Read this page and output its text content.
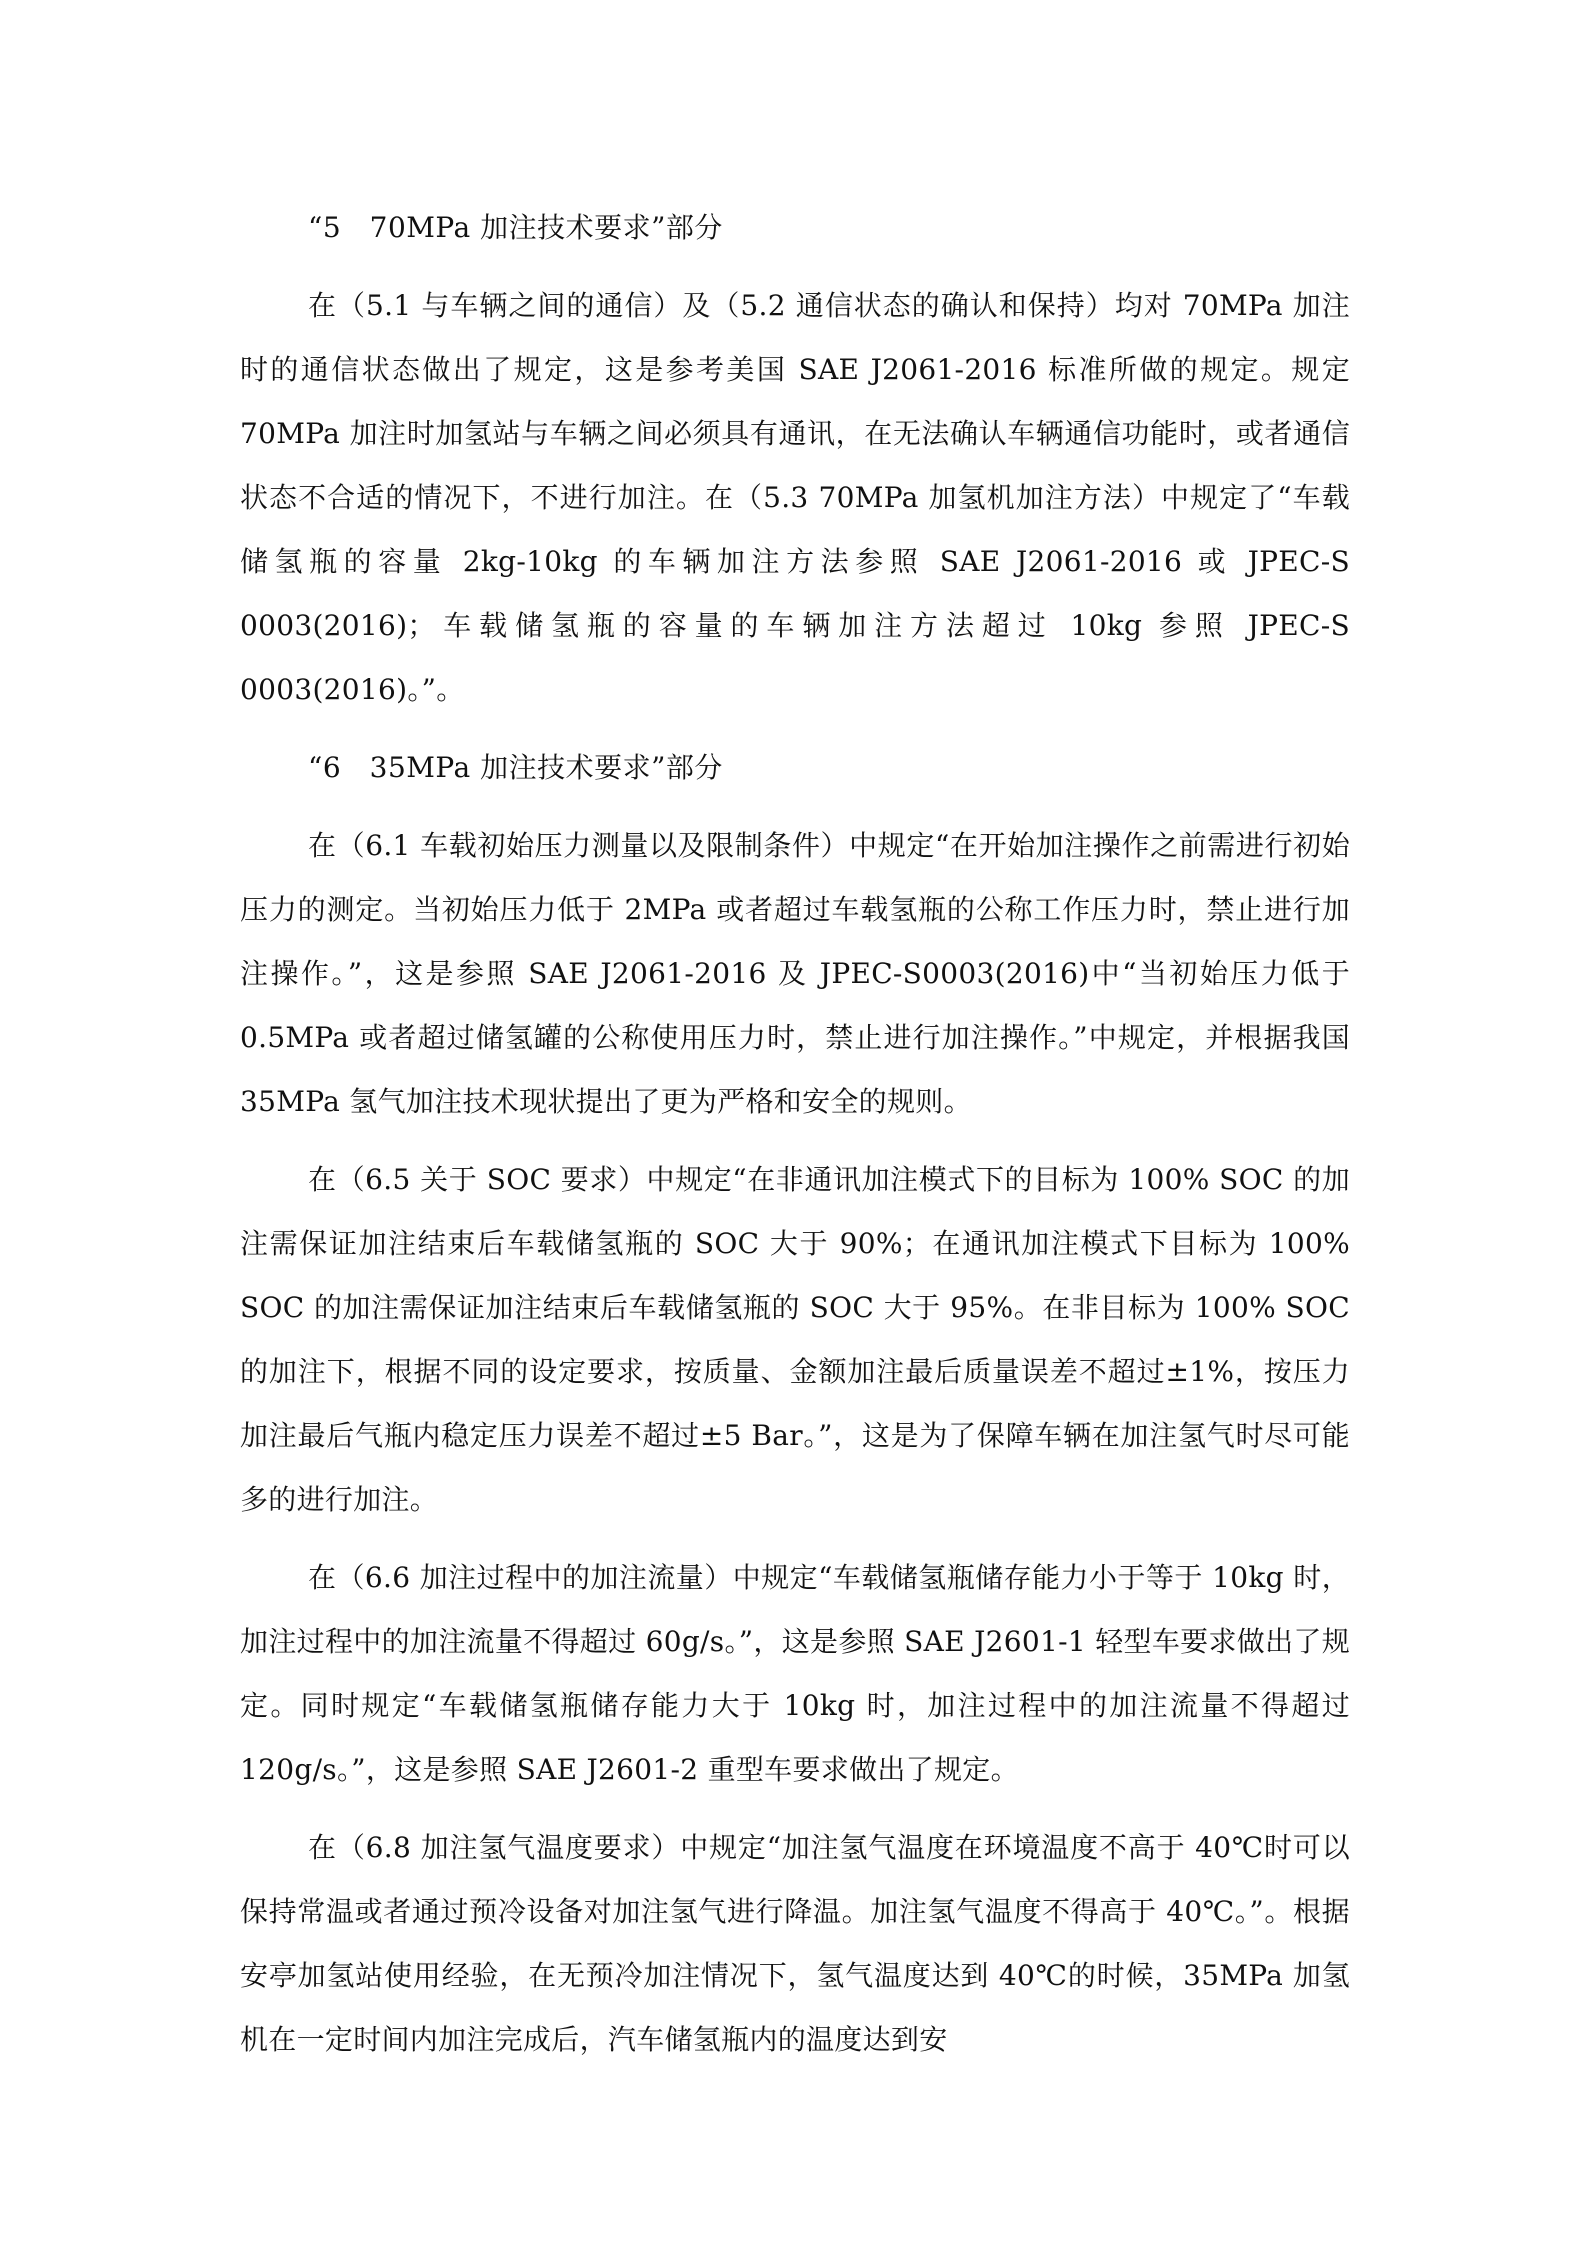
“5　70MPa 加注技术要求”部分

在（5.1 与车辆之间的通信）及（5.2 通信状态的确认和保持）均对 70MPa 加注时的通信状态做出了规定，这是参考美国 SAE J2061-2016 标准所做的规定。规定 70MPa 加注时加氢站与车辆之间必须具有通讯，在无法确认车辆通信功能时，或者通信状态不合适的情况下，不进行加注。在（5.3 70MPa 加氢机加注方法）中规定了“车载储氢瓶的容量 2kg-10kg 的车辆加注方法参照 SAE J2061-2016 或 JPEC-S 0003(2016)；车载储氢瓶的容量的车辆加注方法超过 10kg 参照 JPEC-S 0003(2016)。”。

“6　35MPa 加注技术要求”部分

在（6.1 车载初始压力测量以及限制条件）中规定“在开始加注操作之前需进行初始压力的测定。当初始压力低于 2MPa 或者超过车载氢瓶的公称工作压力时，禁止进行加注操作。”，这是参照 SAE J2061-2016 及 JPEC-S0003(2016)中“当初始压力低于 0.5MPa 或者超过储氢罐的公称使用压力时，禁止进行加注操作。”中规定，并根据我国 35MPa 氢气加注技术现状提出了更为严格和安全的规则。

在（6.5 关于 SOC 要求）中规定“在非通讯加注模式下的目标为 100% SOC 的加注需保证加注结束后车载储氢瓶的 SOC 大于 90%；在通讯加注模式下目标为 100% SOC 的加注需保证加注结束后车载储氢瓶的 SOC 大于 95%。在非目标为 100% SOC 的加注下，根据不同的设定要求，按质量、金额加注最后质量误差不超过±1%，按压力加注最后气瓶内稳定压力误差不超过±5 Bar。”，这是为了保障车辆在加注氢气时尽可能多的进行加注。

在（6.6 加注过程中的加注流量）中规定“车载储氢瓶储存能力小于等于 10kg 时，加注过程中的加注流量不得超过 60g/s。”，这是参照 SAE J2601-1 轻型车要求做出了规定。同时规定“车载储氢瓶储存能力大于 10kg 时，加注过程中的加注流量不得超过 120g/s。”，这是参照 SAE J2601-2 重型车要求做出了规定。

在（6.8 加注氢气温度要求）中规定“加注氢气温度在环境温度不高于 40℃时可以保持常温或者通过预冷设备对加注氢气进行降温。加注氢气温度不得高于 40℃。”。根据安亭加氢站使用经验，在无预冷加注情况下，氢气温度达到 40℃的时候，35MPa 加氢机在一定时间内加注完成后，汽车储氢瓶内的温度达到安
